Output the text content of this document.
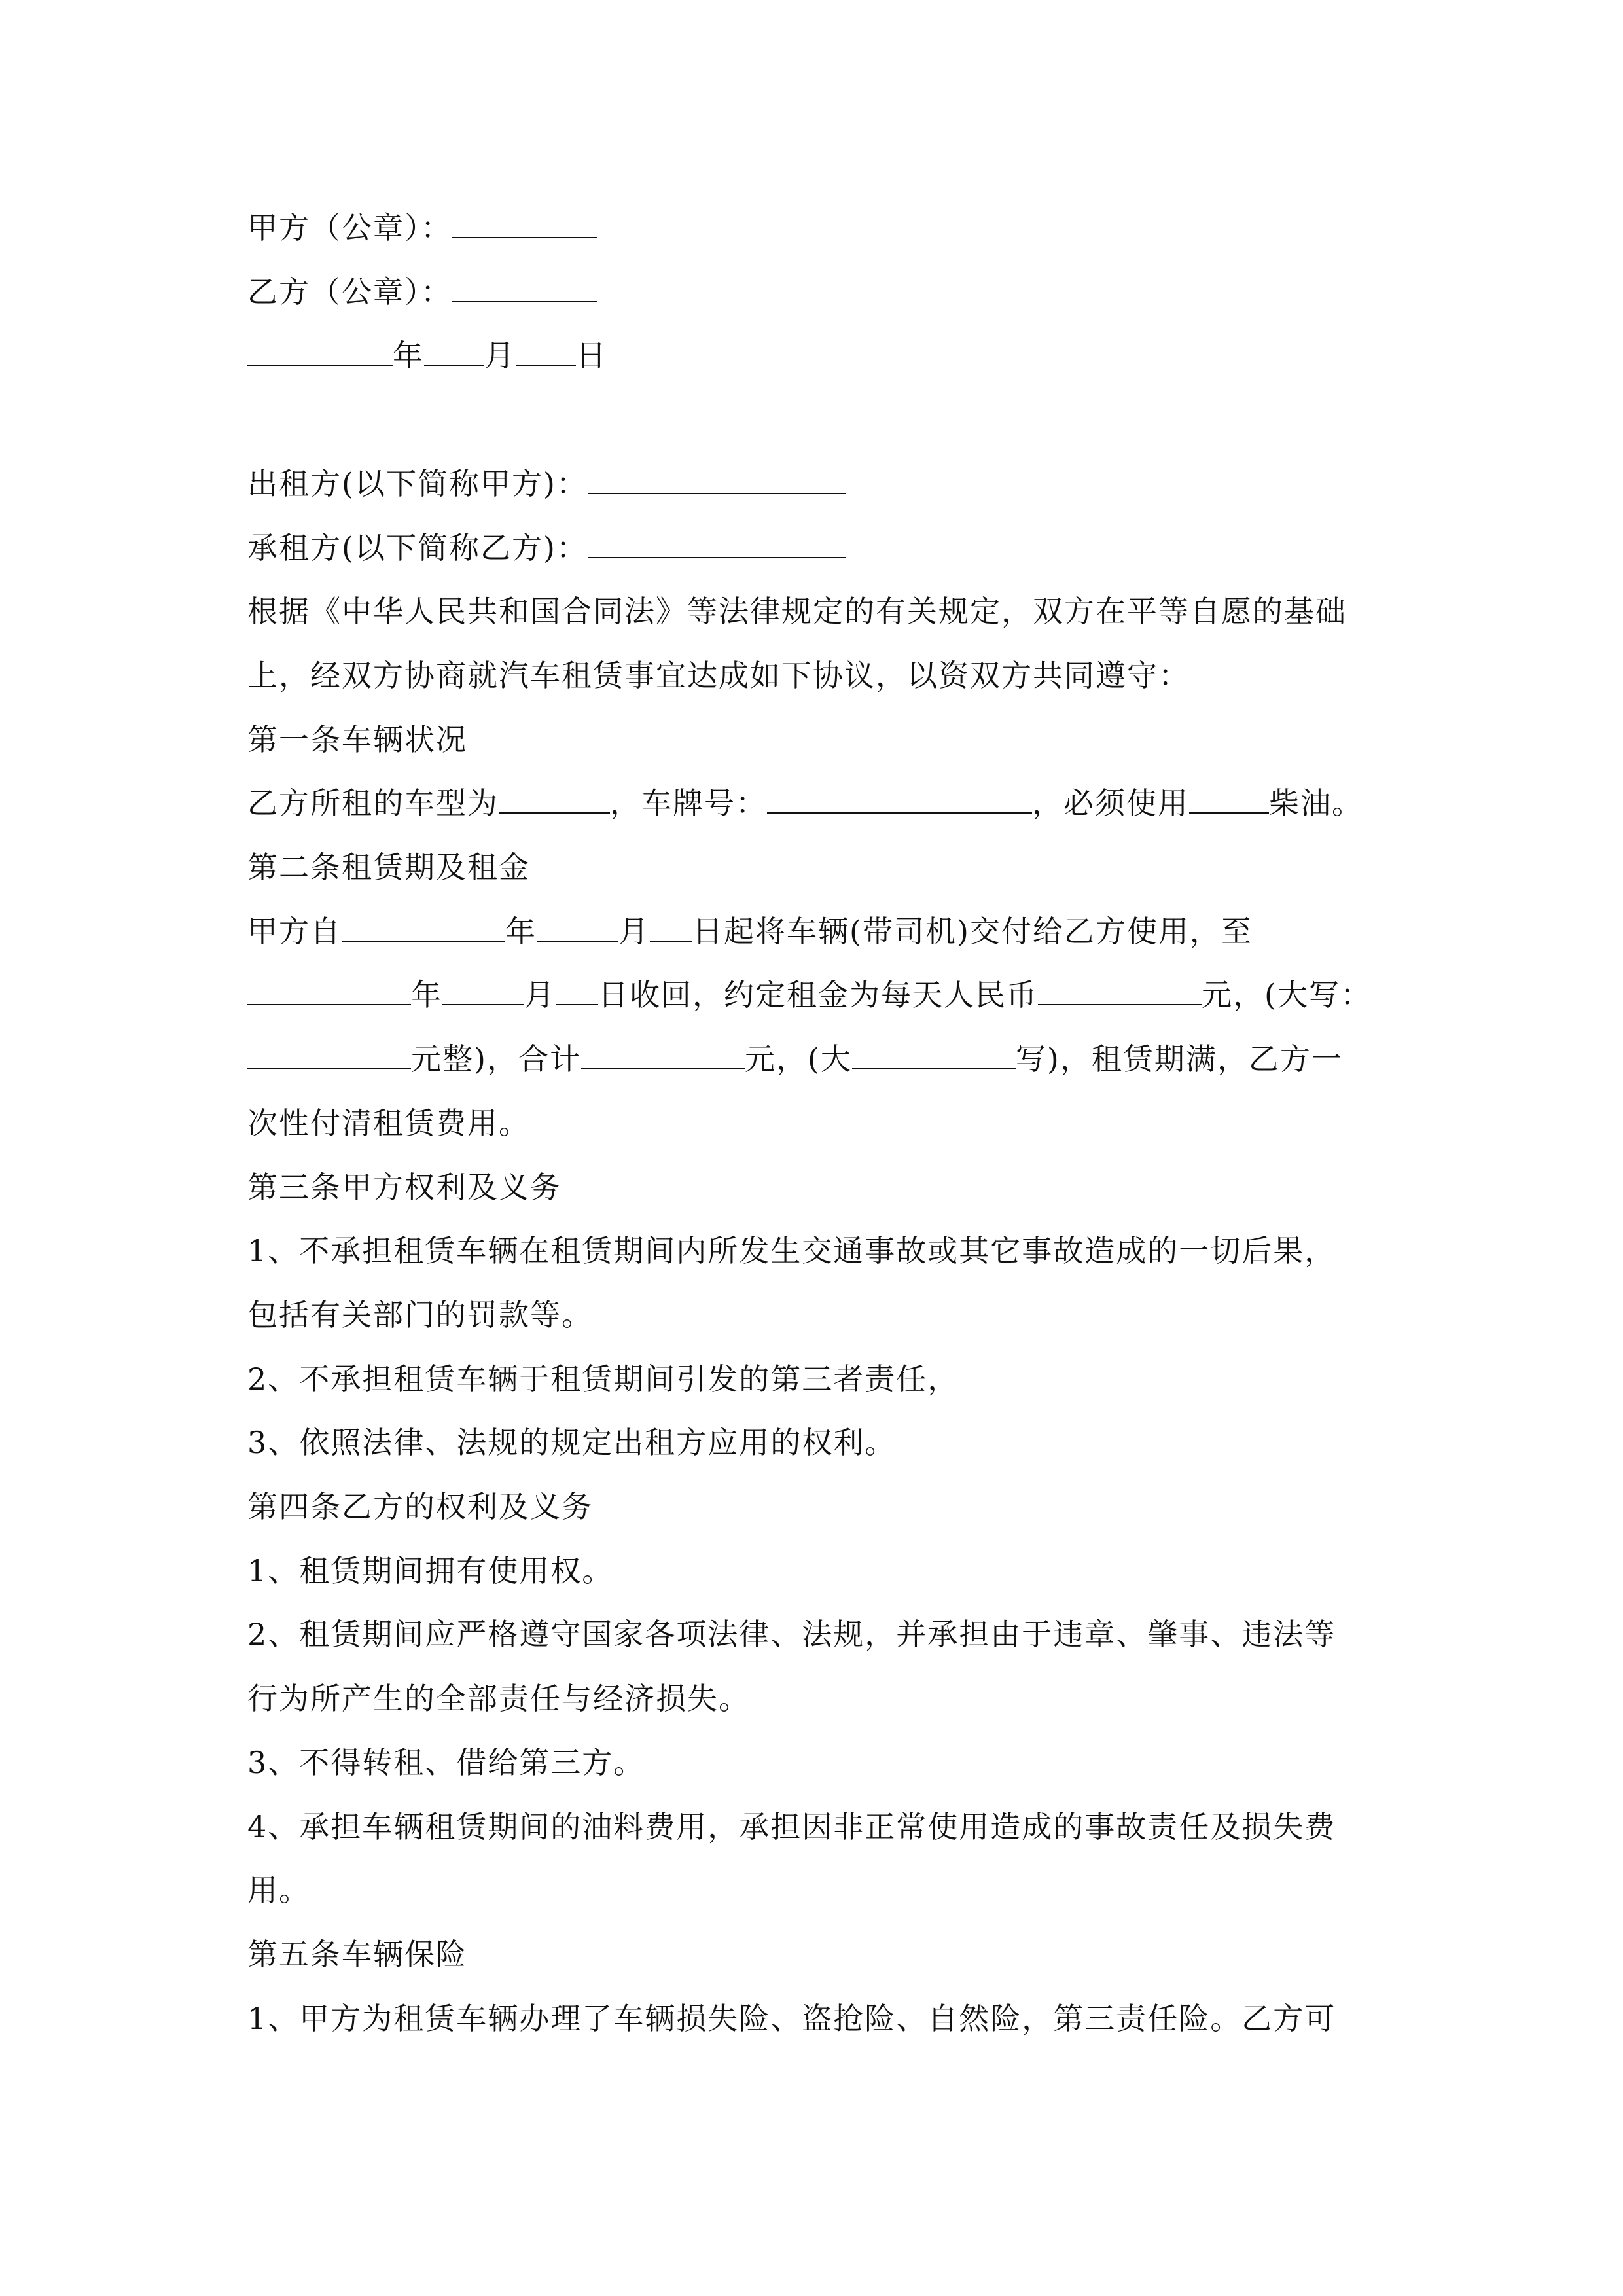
甲方（公章）：
乙方（公章）：
年 月 日
出租方(以下简称甲方)：
承租方(以下简称乙方)：
根据《中华人民共和国合同法》等法律规定的有关规定，双方在平等自愿的基础
上，经双方协商就汽车租赁事宜达成如下协议，以资双方共同遵守：
第一条车辆状况
乙方所租的车型为	，车牌号：	，必须使用	柴油。
第二条租赁期及租金
甲方自	年	月 日起将车辆(带司机)交付给乙方使用，至
年	月 日收回，约定租金为每天人民币	元，(大写：
元整)，合计	元，(大	写)，租赁期满，乙方一
次性付清租赁费用。
第三条甲方权利及义务
1、不承担租赁车辆在租赁期间内所发生交通事故或其它事故造成的一切后果，
包括有关部门的罚款等。
2、不承担租赁车辆于租赁期间引发的第三者责任，
3、依照法律、法规的规定出租方应用的权利。
第四条乙方的权利及义务
1、租赁期间拥有使用权。
2、租赁期间应严格遵守国家各项法律、法规，并承担由于违章、肇事、违法等
行为所产生的全部责任与经济损失。
3、不得转租、借给第三方。
4、承担车辆租赁期间的油料费用，承担因非正常使用造成的事故责任及损失费
用。
第五条车辆保险
1、甲方为租赁车辆办理了车辆损失险、盗抢险、自然险，第三责任险。乙方可
